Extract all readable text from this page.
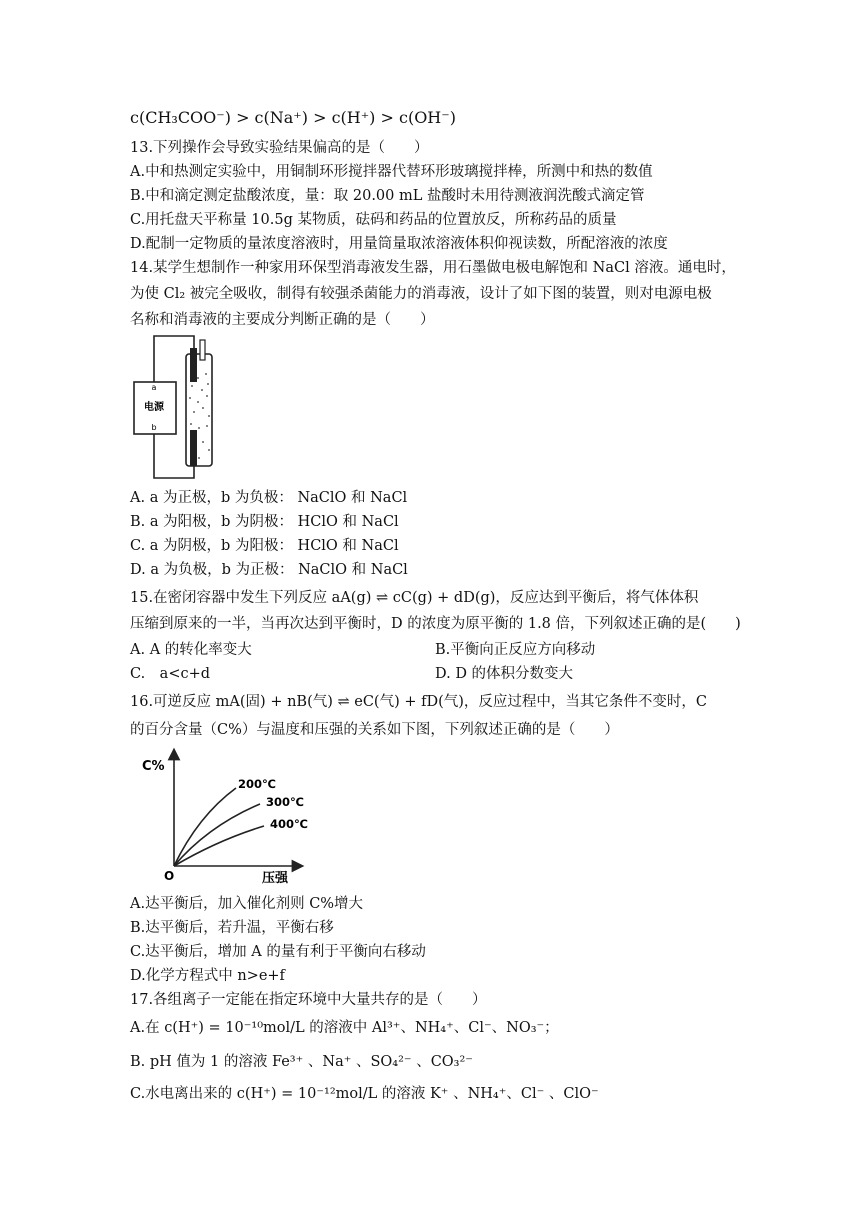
c(CH₃COO⁻) > c(Na⁺) > c(H⁺) > c(OH⁻)
13.下列操作会导致实验结果偏高的是（　　）
A.中和热测定实验中，用铜制环形搅拌器代替环形玻璃搅拌棒，所测中和热的数值
B.中和滴定测定盐酸浓度，量：取 20.00 mL 盐酸时未用待测液润洗酸式滴定管
C.用托盘天平称量 10.5g 某物质，砝码和药品的位置放反，所称药品的质量
D.配制一定物质的量浓度溶液时，用量筒量取浓溶液体积仰视读数，所配溶液的浓度
14.某学生想制作一种家用环保型消毒液发生器，用石墨做电极电解饱和 NaCl 溶液。通电时，
为使 Cl₂ 被完全吸收，制得有较强杀菌能力的消毒液，设计了如下图的装置，则对电源电极
名称和消毒液的主要成分判断正确的是（　　）
a
电源
b
A. a 为正极，b 为负极： NaClO 和 NaCl
B. a 为阳极，b 为阴极： HClO 和 NaCl
C. a 为阴极，b 为阳极： HClO 和 NaCl
D. a 为负极，b 为正极： NaClO 和 NaCl
15.在密闭容器中发生下列反应 aA(g) ⇌ cC(g) + dD(g)，反应达到平衡后，将气体体积
压缩到原来的一半，当再次达到平衡时，D 的浓度为原平衡的 1.8 倍，下列叙述正确的是(　　)
A. A 的转化率变大	B.平衡向正反应方向移动
C.　a<c+d	D. D 的体积分数变大
16.可逆反应 mA(固) + nB(气) ⇌ eC(气) + fD(气)，反应过程中，当其它条件不变时，C
的百分含量（C%）与温度和压强的关系如下图，下列叙述正确的是（　　）
C%
O	压强
200℃
300℃
400℃
A.达平衡后，加入催化剂则 C%增大
B.达平衡后，若升温，平衡右移
C.达平衡后，增加 A 的量有利于平衡向右移动
D.化学方程式中 n>e+f
17.各组离子一定能在指定环境中大量共存的是（　　）
A.在 c(H⁺) = 10⁻¹⁰mol/L 的溶液中 Al³⁺、NH₄⁺、Cl⁻、NO₃⁻；
B. pH 值为 1 的溶液 Fe³⁺ 、Na⁺ 、SO₄²⁻ 、CO₃²⁻
C.水电离出来的 c(H⁺) = 10⁻¹²mol/L 的溶液 K⁺ 、NH₄⁺、Cl⁻ 、ClO⁻
